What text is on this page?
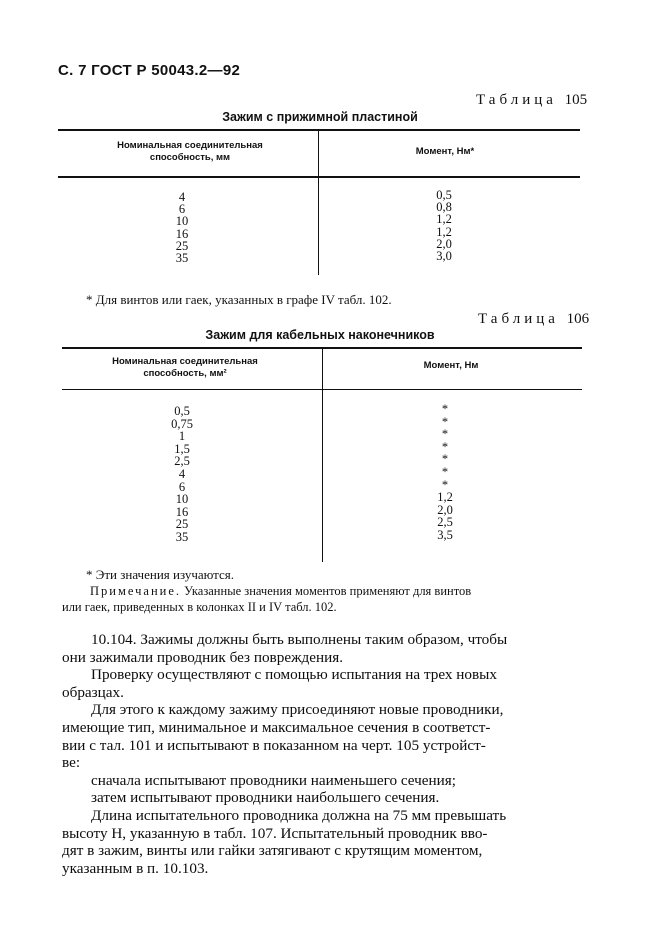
С. 7 ГОСТ Р 50043.2—92
Таблица 105
Зажим с прижимной пластиной
Номинальная соединительная
способность, мм
Момент, Нм*
4
6
10
16
25
35
0,5
0,8
1,2
1,2
2,0
3,0
* Для винтов или гаек, указанных в графе IV табл. 102.
Таблица 106
Зажим для кабельных наконечников
Номинальная соединительная
способность, мм²
Момент, Нм
0,5
0,75
1
1,5
2,5
4
6
10
16
25
35
*
*
*
*
*
*
*
1,2
2,0
2,5
3,5
* Эти значения изучаются.
Примечание. Указанные значения моментов применяют для винтов
или гаек, приведенных в колонках II и IV табл. 102.
10.104. Зажимы должны быть выполнены таким образом, чтобы
они зажимали проводник без повреждения.
Проверку осуществляют с помощью испытания на трех новых
образцах.
Для этого к каждому зажиму присоединяют новые проводники,
имеющие тип, минимальное и максимальное сечения в соответст-
вии с тал. 101 и испытывают в показанном на черт. 105 устройст-
ве:
сначала испытывают проводники наименьшего сечения;
затем испытывают проводники наибольшего сечения.
Длина испытательного проводника должна на 75 мм превышать
высоту Н, указанную в табл. 107. Испытательный проводник вво-
дят в зажим, винты или гайки затягивают с крутящим моментом,
указанным в п. 10.103.
